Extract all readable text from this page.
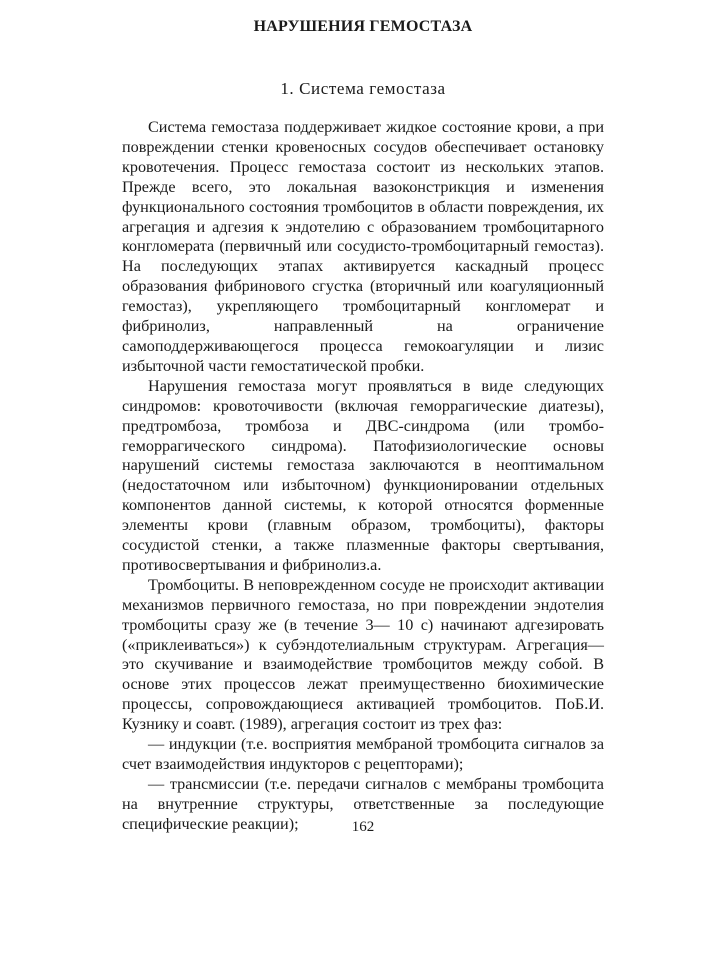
НАРУШЕНИЯ ГЕМОСТАЗА
1. Система гемостаза

Система гемостаза поддерживает жидкое состояние крови, а при повреждении стенки кровеносных сосудов обеспечивает остановку кровотечения. Процесс гемостаза состоит из нескольких этапов. Прежде всего, это локальная вазоконстрикция и изменения функционального состояния тромбоцитов в области повреждения, их агрегация и адгезия к эндотелию с образованием тромбоцитарного конгломерата (первичный или сосудисто-тромбоцитарный гемостаз). На последующих этапах активируется каскадный процесс образования фибринового сгустка (вторичный или коагуляционный гемостаз), укрепляющего тромбоцитарный конгломерат и фибринолиз, направленный на ограничение самоподдерживающегося процесса гемокоагуляции и лизис избыточной части гемостатической пробки.

Нарушения гемостаза могут проявляться в виде следующих синдромов: кровоточивости (включая геморрагические диатезы), предтромбоза, тромбоза и ДВС-синдрома (или тромбогеморрагического синдрома). Патофизиологические основы нарушений системы гемостаза заключаются в неоптимальном (недостаточном или избыточном) функционировании отдельных компонентов данной системы, к которой относятся форменные элементы крови (главным образом, тромбоциты), факторы сосудистой стенки, а также плазменные факторы свертывания, противосвертывания и фибринолиз.а.

Тромбоциты. В неповрежденном сосуде не происходит активации механизмов первичного гемостаза, но при повреждении эндотелия тромбоциты сразу же (в течение 3— 10 с) начинают адгезировать («приклеиваться») к субэндотелиальным структурам. Агрегация— это скучивание и взаимодействие тромбоцитов между собой. В основе этих процессов лежат преимущественно биохимические процессы, сопровождающиеся активацией тромбоцитов. ПоБ.И. Кузнику и соавт. (1989), агрегация состоит из трех фаз:

— индукции (т.е. восприятия мембраной тромбоцита сигналов за счет взаимодействия индукторов с рецепторами);

— трансмиссии (т.е. передачи сигналов с мембраны тромбоцита на внутренние структуры, ответственные за последующие специфические реакции);	162
